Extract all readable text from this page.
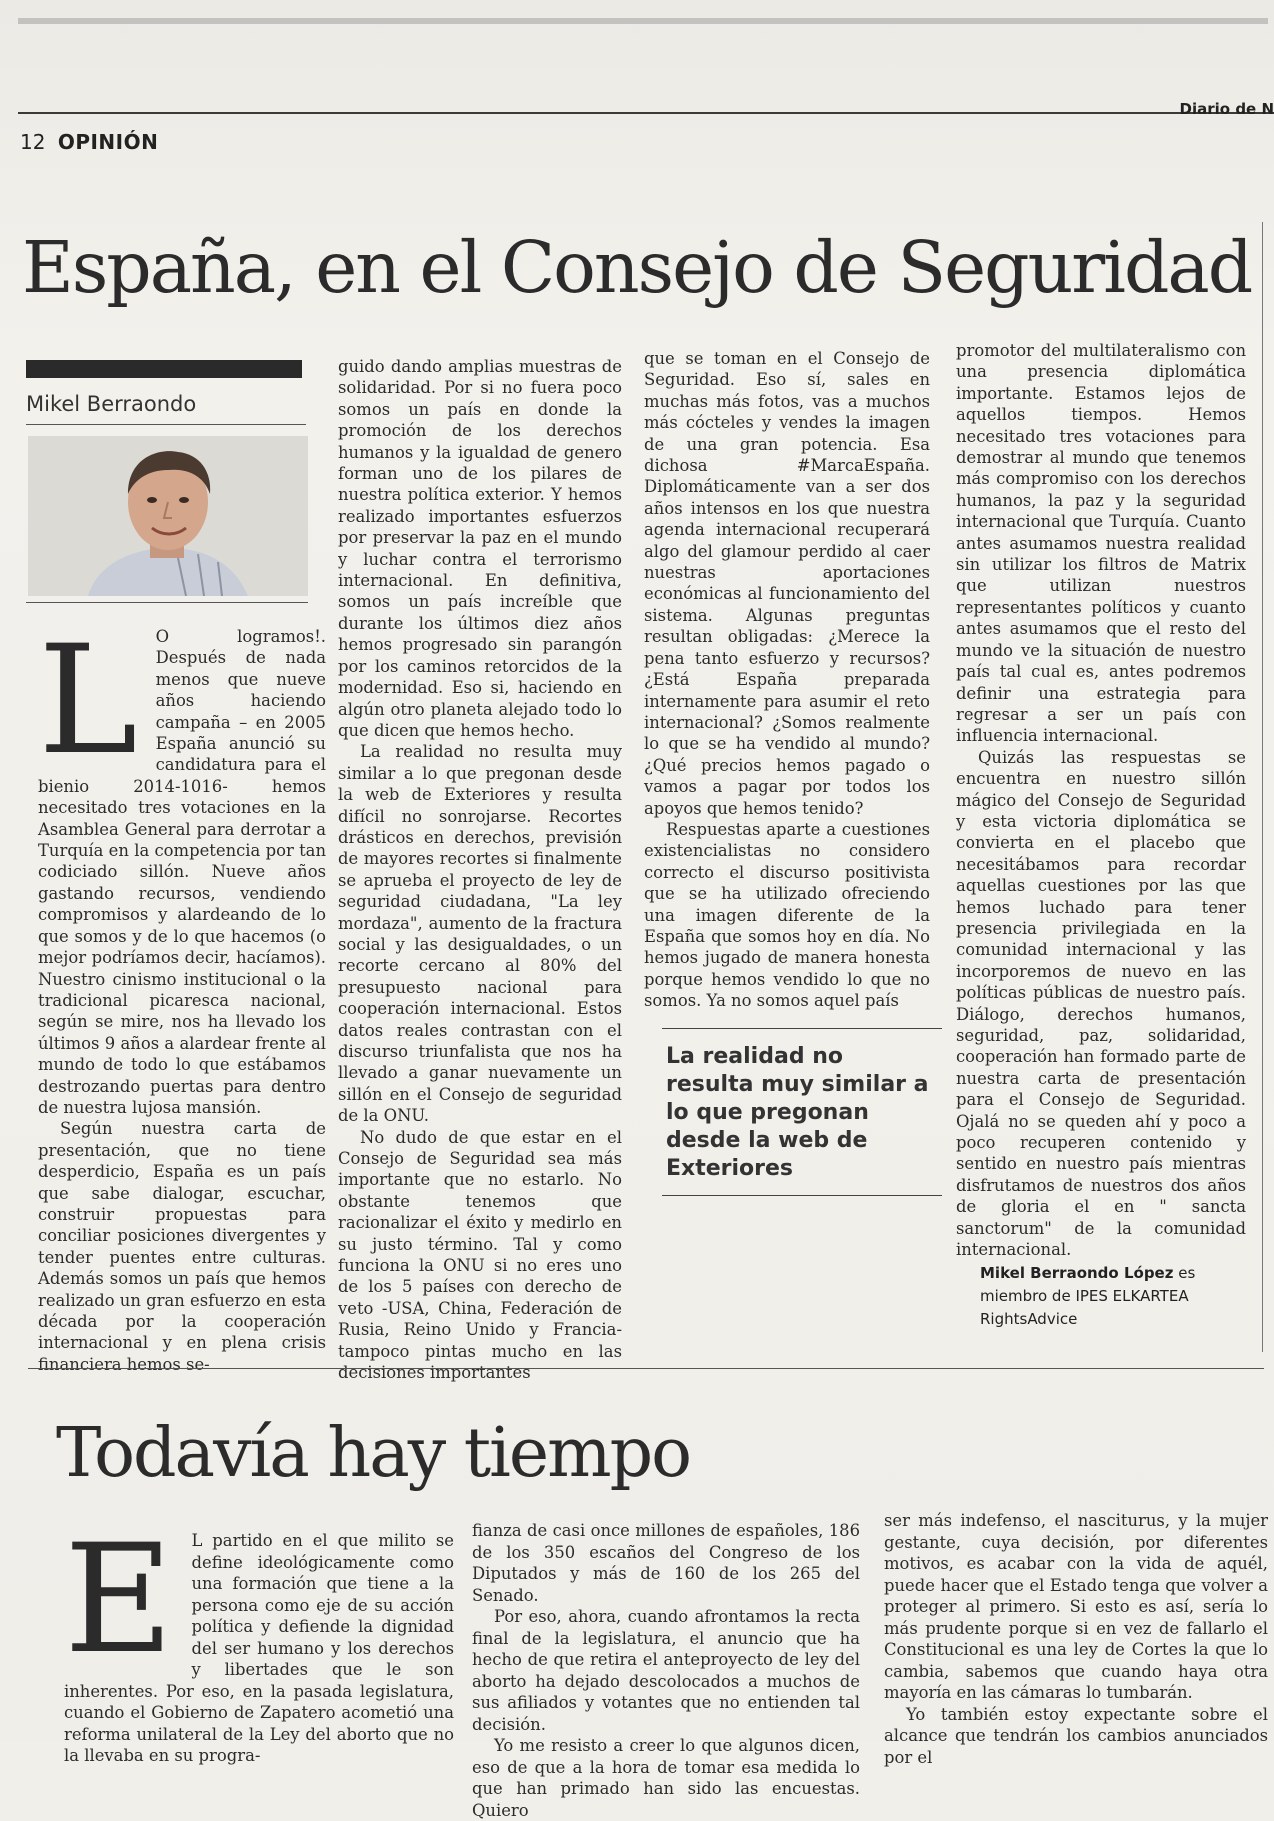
Diario de N
12 OPINIÓN
España, en el Consejo de Seguridad
Mikel Berraondo
L	O logramos!. Después de nada menos que nueve años haciendo campaña – en 2005 España anunció su candidatura para el bienio 2014-1016- hemos necesitado tres votaciones en la Asamblea General para derrotar a Turquía en la competencia por tan codiciado sillón. Nueve años gastando recursos, vendiendo compromisos y alardeando de lo que somos y de lo que hacemos (o mejor podríamos decir, hacíamos). Nuestro cinismo institucional o la tradicional picaresca nacional, según se mire, nos ha llevado los últimos 9 años a alardear frente al mundo de todo lo que estábamos destrozando puertas para dentro de nuestra lujosa mansión.

Según nuestra carta de presentación, que no tiene desperdicio, España es un país que sabe dialogar, escuchar, construir propuestas para conciliar posiciones divergentes y tender puentes entre culturas. Además somos un país que hemos realizado un gran esfuerzo en esta década por la cooperación internacional y en plena crisis financiera hemos se-

guido dando amplias muestras de solidaridad. Por si no fuera poco somos un país en donde la promoción de los derechos humanos y la igualdad de genero forman uno de los pilares de nuestra política exterior. Y hemos realizado importantes esfuerzos por preservar la paz en el mundo y luchar contra el terrorismo internacional. En definitiva, somos un país increíble que durante los últimos diez años hemos progresado sin parangón por los caminos retorcidos de la modernidad. Eso si, haciendo en algún otro planeta alejado todo lo que dicen que hemos hecho.

La realidad no resulta muy similar a lo que pregonan desde la web de Exteriores y resulta difícil no sonrojarse. Recortes drásticos en derechos, previsión de mayores recortes si finalmente se aprueba el proyecto de ley de seguridad ciudadana, "La ley mordaza", aumento de la fractura social y las desigualdades, o un recorte cercano al 80% del presupuesto nacional para cooperación internacional. Estos datos reales contrastan con el discurso triunfalista que nos ha llevado a ganar nuevamente un sillón en el Consejo de seguridad de la ONU.

No dudo de que estar en el Consejo de Seguridad sea más importante que no estarlo. No obstante tenemos que racionalizar el éxito y medirlo en su justo término. Tal y como funciona la ONU si no eres uno de los 5 países con derecho de veto -USA, China, Federación de Rusia, Reino Unido y Francia- tampoco pintas mucho en las decisiones importantes

que se toman en el Consejo de Seguridad. Eso sí, sales en muchas más fotos, vas a muchos más cócteles y vendes la imagen de una gran potencia. Esa dichosa #MarcaEspaña. Diplomáticamente van a ser dos años intensos en los que nuestra agenda internacional recuperará algo del glamour perdido al caer nuestras aportaciones económicas al funcionamiento del sistema. Algunas preguntas resultan obligadas: ¿Merece la pena tanto esfuerzo y recursos?¿Está España preparada internamente para asumir el reto internacional? ¿Somos realmente lo que se ha vendido al mundo?¿Qué precios hemos pagado o vamos a pagar por todos los apoyos que hemos tenido?

Respuestas aparte a cuestiones existencialistas no considero correcto el discurso positivista que se ha utilizado ofreciendo una imagen diferente de la España que somos hoy en día. No hemos jugado de manera honesta porque hemos vendido lo que no somos. Ya no somos aquel país

La realidad no resulta muy similar a lo que pregonan desde la web de Exteriores

promotor del multilateralismo con una presencia diplomática importante. Estamos lejos de aquellos tiempos. Hemos necesitado tres votaciones para demostrar al mundo que tenemos más compromiso con los derechos humanos, la paz y la seguridad internacional que Turquía. Cuanto antes asumamos nuestra realidad sin utilizar los filtros de Matrix que utilizan nuestros representantes políticos y cuanto antes asumamos que el resto del mundo ve la situación de nuestro país tal cual es, antes podremos definir una estrategia para regresar a ser un país con influencia internacional.

Quizás las respuestas se encuentra en nuestro sillón mágico del Consejo de Seguridad y esta victoria diplomática se convierta en el placebo que necesitábamos para recordar aquellas cuestiones por las que hemos luchado para tener presencia privilegiada en la comunidad internacional y las incorporemos de nuevo en las políticas públicas de nuestro país. Diálogo, derechos humanos, seguridad, paz, solidaridad, cooperación han formado parte de nuestra carta de presentación para el Consejo de Seguridad. Ojalá no se queden ahí y poco a poco recuperen contenido y sentido en nuestro país mientras disfrutamos de nuestros dos años de gloria el en " sancta sanctorum" de la comunidad internacional.

Mikel Berraondo López es miembro de IPES ELKARTEA RightsAdvice
Todavía hay tiempo
E	L partido en el que milito se define ideológicamente como una formación que tiene a la persona como eje de su acción política y defiende la dignidad del ser humano y los derechos y libertades que le son inherentes. Por eso, en la pasada legislatura, cuando el Gobierno de Zapatero acometió una reforma unilateral de la Ley del aborto que no la llevaba en su progra-

fianza de casi once millones de españoles, 186 de los 350 escaños del Congreso de los Diputados y más de 160 de los 265 del Senado.

Por eso, ahora, cuando afrontamos la recta final de la legislatura, el anuncio que ha hecho de que retira el anteproyecto de ley del aborto ha dejado descolocados a muchos de sus afiliados y votantes que no entienden tal decisión.

Yo me resisto a creer lo que algunos dicen, eso de que a la hora de tomar esa medida lo que han primado han sido las encuestas. Quiero

ser más indefenso, el nasciturus, y la mujer gestante, cuya decisión, por diferentes motivos, es acabar con la vida de aquél, puede hacer que el Estado tenga que volver a proteger al primero. Si esto es así, sería lo más prudente porque si en vez de fallarlo el Constitucional es una ley de Cortes la que lo cambia, sabemos que cuando haya otra mayoría en las cámaras lo tumbarán.

Yo también estoy expectante sobre el alcance que tendrán los cambios anunciados por el
